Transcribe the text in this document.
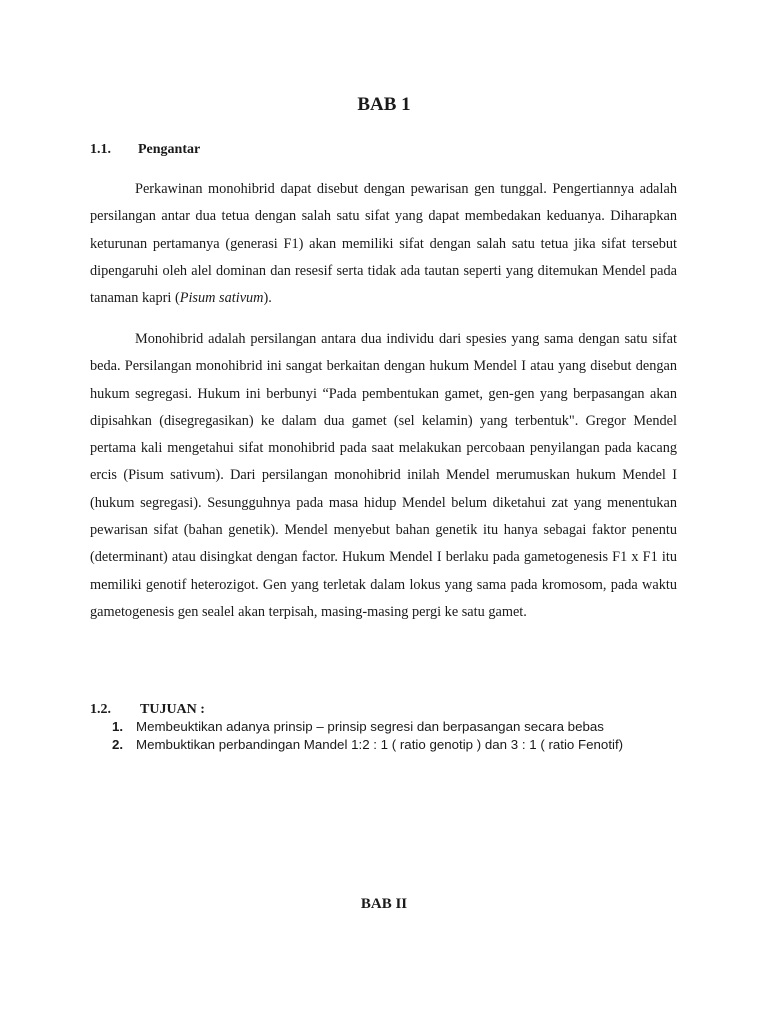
BAB 1
1.1. Pengantar

Perkawinan monohibrid dapat disebut dengan pewarisan gen tunggal. Pengertiannya adalah persilangan antar dua tetua dengan salah satu sifat yang dapat membedakan keduanya. Diharapkan keturunan pertamanya (generasi F1) akan memiliki sifat dengan salah satu tetua jika sifat tersebut dipengaruhi oleh alel dominan dan resesif serta tidak ada tautan seperti yang ditemukan Mendel pada tanaman kapri (Pisum sativum).

Monohibrid adalah persilangan antara dua individu dari spesies yang sama dengan satu sifat beda. Persilangan monohibrid ini sangat berkaitan dengan hukum Mendel I atau yang disebut dengan hukum segregasi. Hukum ini berbunyi “Pada pembentukan gamet, gen-gen yang berpasangan akan dipisahkan (disegregasikan) ke dalam dua gamet (sel kelamin) yang terbentuk". Gregor Mendel pertama kali mengetahui sifat monohibrid pada saat melakukan percobaan penyilangan pada kacang ercis (Pisum sativum). Dari persilangan monohibrid inilah Mendel merumuskan hukum Mendel I (hukum segregasi). Sesungguhnya pada masa hidup Mendel belum diketahui zat yang menentukan pewarisan sifat (bahan genetik). Mendel menyebut bahan genetik itu hanya sebagai faktor penentu (determinant) atau disingkat dengan factor. Hukum Mendel I berlaku pada gametogenesis F1 x F1 itu memiliki genotif heterozigot. Gen yang terletak dalam lokus yang sama pada kromosom, pada waktu gametogenesis gen sealel akan terpisah, masing-masing pergi ke satu gamet.

1.2. TUJUAN :
1. Membeuktikan adanya prinsip – prinsip segresi dan berpasangan secara bebas
2. Membuktikan perbandingan Mandel 1:2 : 1 ( ratio genotip ) dan 3 : 1 ( ratio Fenotif)
BAB II
